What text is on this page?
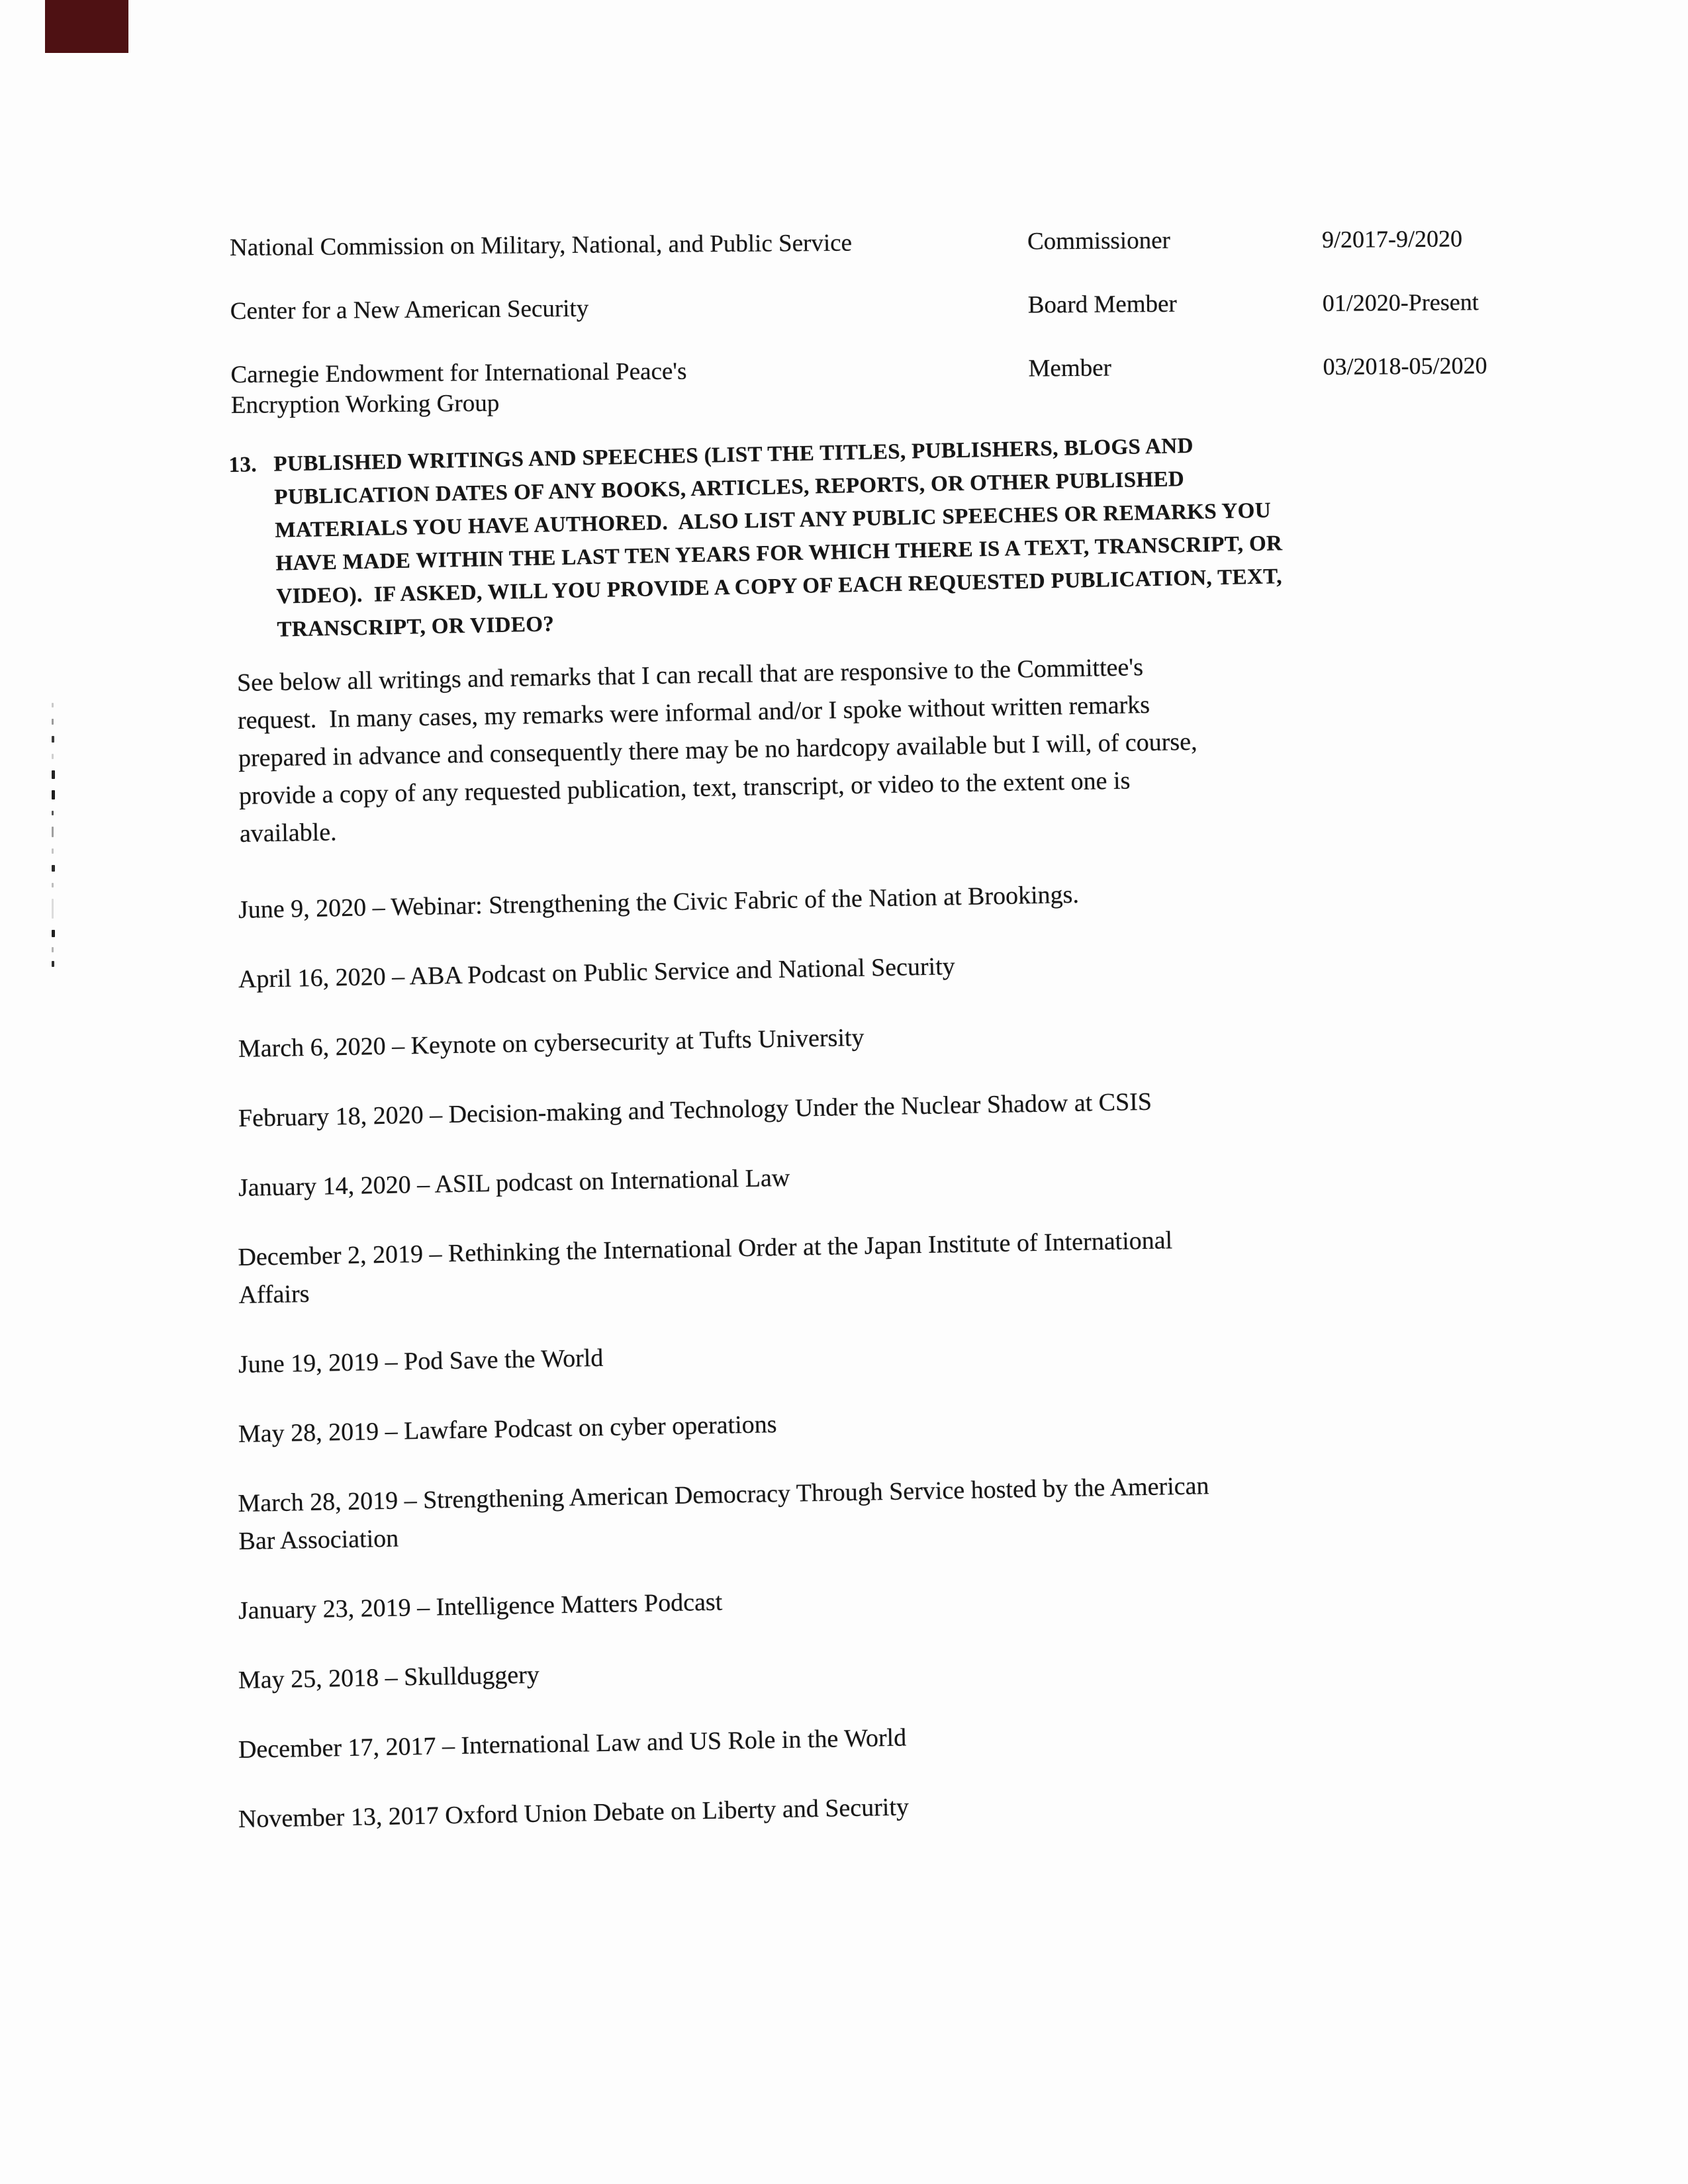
National Commission on Military, National, and Public Service	Commissioner	9/2017-9/2020
Center for a New American Security	Board Member	01/2020-Present
Carnegie Endowment for International Peace's
Encryption Working Group
Member	03/2018-05/2020
13. PUBLISHED WRITINGS AND SPEECHES (LIST THE TITLES, PUBLISHERS, BLOGS AND
PUBLICATION DATES OF ANY BOOKS, ARTICLES, REPORTS, OR OTHER PUBLISHED
MATERIALS YOU HAVE AUTHORED.  ALSO LIST ANY PUBLIC SPEECHES OR REMARKS YOU
HAVE MADE WITHIN THE LAST TEN YEARS FOR WHICH THERE IS A TEXT, TRANSCRIPT, OR
VIDEO).  IF ASKED, WILL YOU PROVIDE A COPY OF EACH REQUESTED PUBLICATION, TEXT,
TRANSCRIPT, OR VIDEO?
See below all writings and remarks that I can recall that are responsive to the Committee's
request.  In many cases, my remarks were informal and/or I spoke without written remarks
prepared in advance and consequently there may be no hardcopy available but I will, of course,
provide a copy of any requested publication, text, transcript, or video to the extent one is
available.
June 9, 2020 – Webinar: Strengthening the Civic Fabric of the Nation at Brookings.
April 16, 2020 – ABA Podcast on Public Service and National Security
March 6, 2020 – Keynote on cybersecurity at Tufts University
February 18, 2020 – Decision-making and Technology Under the Nuclear Shadow at CSIS
January 14, 2020 – ASIL podcast on International Law
December 2, 2019 – Rethinking the International Order at the Japan Institute of International
Affairs
June 19, 2019 – Pod Save the World
May 28, 2019 – Lawfare Podcast on cyber operations
March 28, 2019 – Strengthening American Democracy Through Service hosted by the American
Bar Association
January 23, 2019 – Intelligence Matters Podcast
May 25, 2018 – Skullduggery
December 17, 2017 – International Law and US Role in the World
November 13, 2017 Oxford Union Debate on Liberty and Security
